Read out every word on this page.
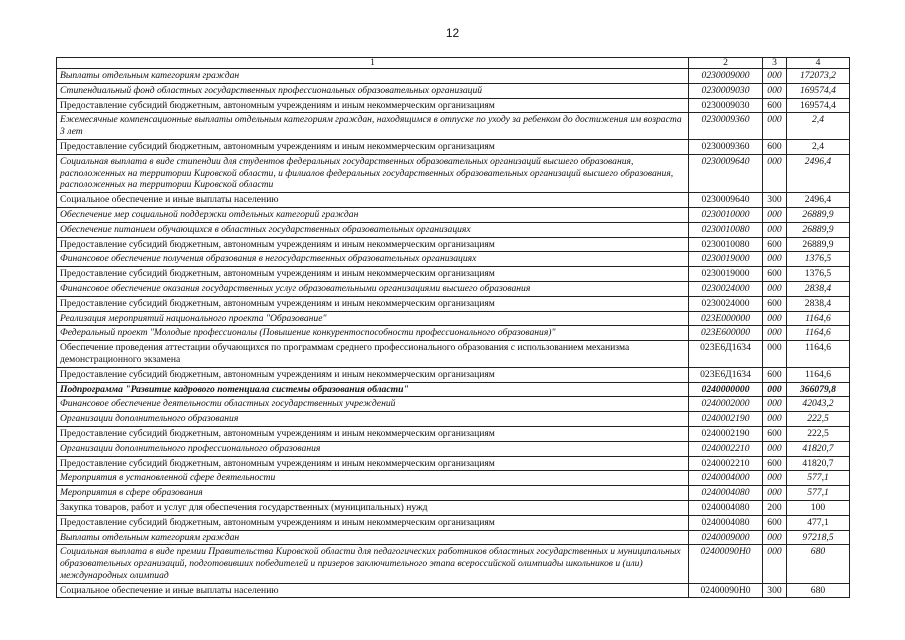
12
1	2	3	4
Выплаты отдельным категориям граждан	0230009000	000	172073,2
Стипендиальный фонд областных государственных профессиональных образовательных организаций	0230009030	000	169574,4
Предоставление субсидий бюджетным, автономным учреждениям и иным некоммерческим организациям	0230009030	600	169574,4
Ежемесячные компенсационные выплаты отдельным категориям граждан, находящимся в отпуске по уходу за ребенком до достижения им возраста 3 лет	0230009360	000	2,4
Предоставление субсидий бюджетным, автономным учреждениям и иным некоммерческим организациям	0230009360	600	2,4
Социальная выплата в виде стипендии для студентов федеральных государственных образовательных организаций высшего образования, расположенных на территории Кировской области, и филиалов федеральных государственных образовательных организаций высшего образования, расположенных на территории Кировской области	0230009640	000	2496,4
Социальное обеспечение и иные выплаты населению	0230009640	300	2496,4
Обеспечение мер социальной поддержки отдельных категорий граждан	0230010000	000	26889,9
Обеспечение питанием обучающихся в областных государственных образовательных организациях	0230010080	000	26889,9
Предоставление субсидий бюджетным, автономным учреждениям и иным некоммерческим организациям	0230010080	600	26889,9
Финансовое обеспечение получения образования в негосударственных образовательных организациях	0230019000	000	1376,5
Предоставление субсидий бюджетным, автономным учреждениям и иным некоммерческим организациям	0230019000	600	1376,5
Финансовое обеспечение оказания государственных услуг образовательными организациями высшего образования	0230024000	000	2838,4
Предоставление субсидий бюджетным, автономным учреждениям и иным некоммерческим организациям	0230024000	600	2838,4
Реализация мероприятий национального проекта "Образование"	023E000000	000	1164,6
Федеральный проект "Молодые профессионалы (Повышение конкурентоспособности профессионального образования)"	023E600000	000	1164,6
Обеспечение проведения аттестации обучающихся по программам среднего профессионального образования с использованием механизма демонстрационного экзамена	023E6Д1634	000	1164,6
Предоставление субсидий бюджетным, автономным учреждениям и иным некоммерческим организациям	023E6Д1634	600	1164,6
Подпрограмма "Развитие кадрового потенциала системы образования области"	0240000000	000	366079,8
Финансовое обеспечение деятельности областных государственных учреждений	0240002000	000	42043,2
Организации дополнительного образования	0240002190	000	222,5
Предоставление субсидий бюджетным, автономным учреждениям и иным некоммерческим организациям	0240002190	600	222,5
Организации дополнительного профессионального образования	0240002210	000	41820,7
Предоставление субсидий бюджетным, автономным учреждениям и иным некоммерческим организациям	0240002210	600	41820,7
Мероприятия в установленной сфере деятельности	0240004000	000	577,1
Мероприятия в сфере образования	0240004080	000	577,1
Закупка товаров, работ и услуг для обеспечения государственных (муниципальных) нужд	0240004080	200	100
Предоставление субсидий бюджетным, автономным учреждениям и иным некоммерческим организациям	0240004080	600	477,1
Выплаты отдельным категориям граждан	0240009000	000	97218,5
Социальная выплата в виде премии Правительства Кировской области для педагогических работников областных государственных и муниципальных образовательных организаций, подготовивших победителей и призеров заключительного этапа всероссийской олимпиады школьников и (или) международных олимпиад	02400090Н0	000	680
Социальное обеспечение и иные выплаты населению	02400090Н0	300	680
